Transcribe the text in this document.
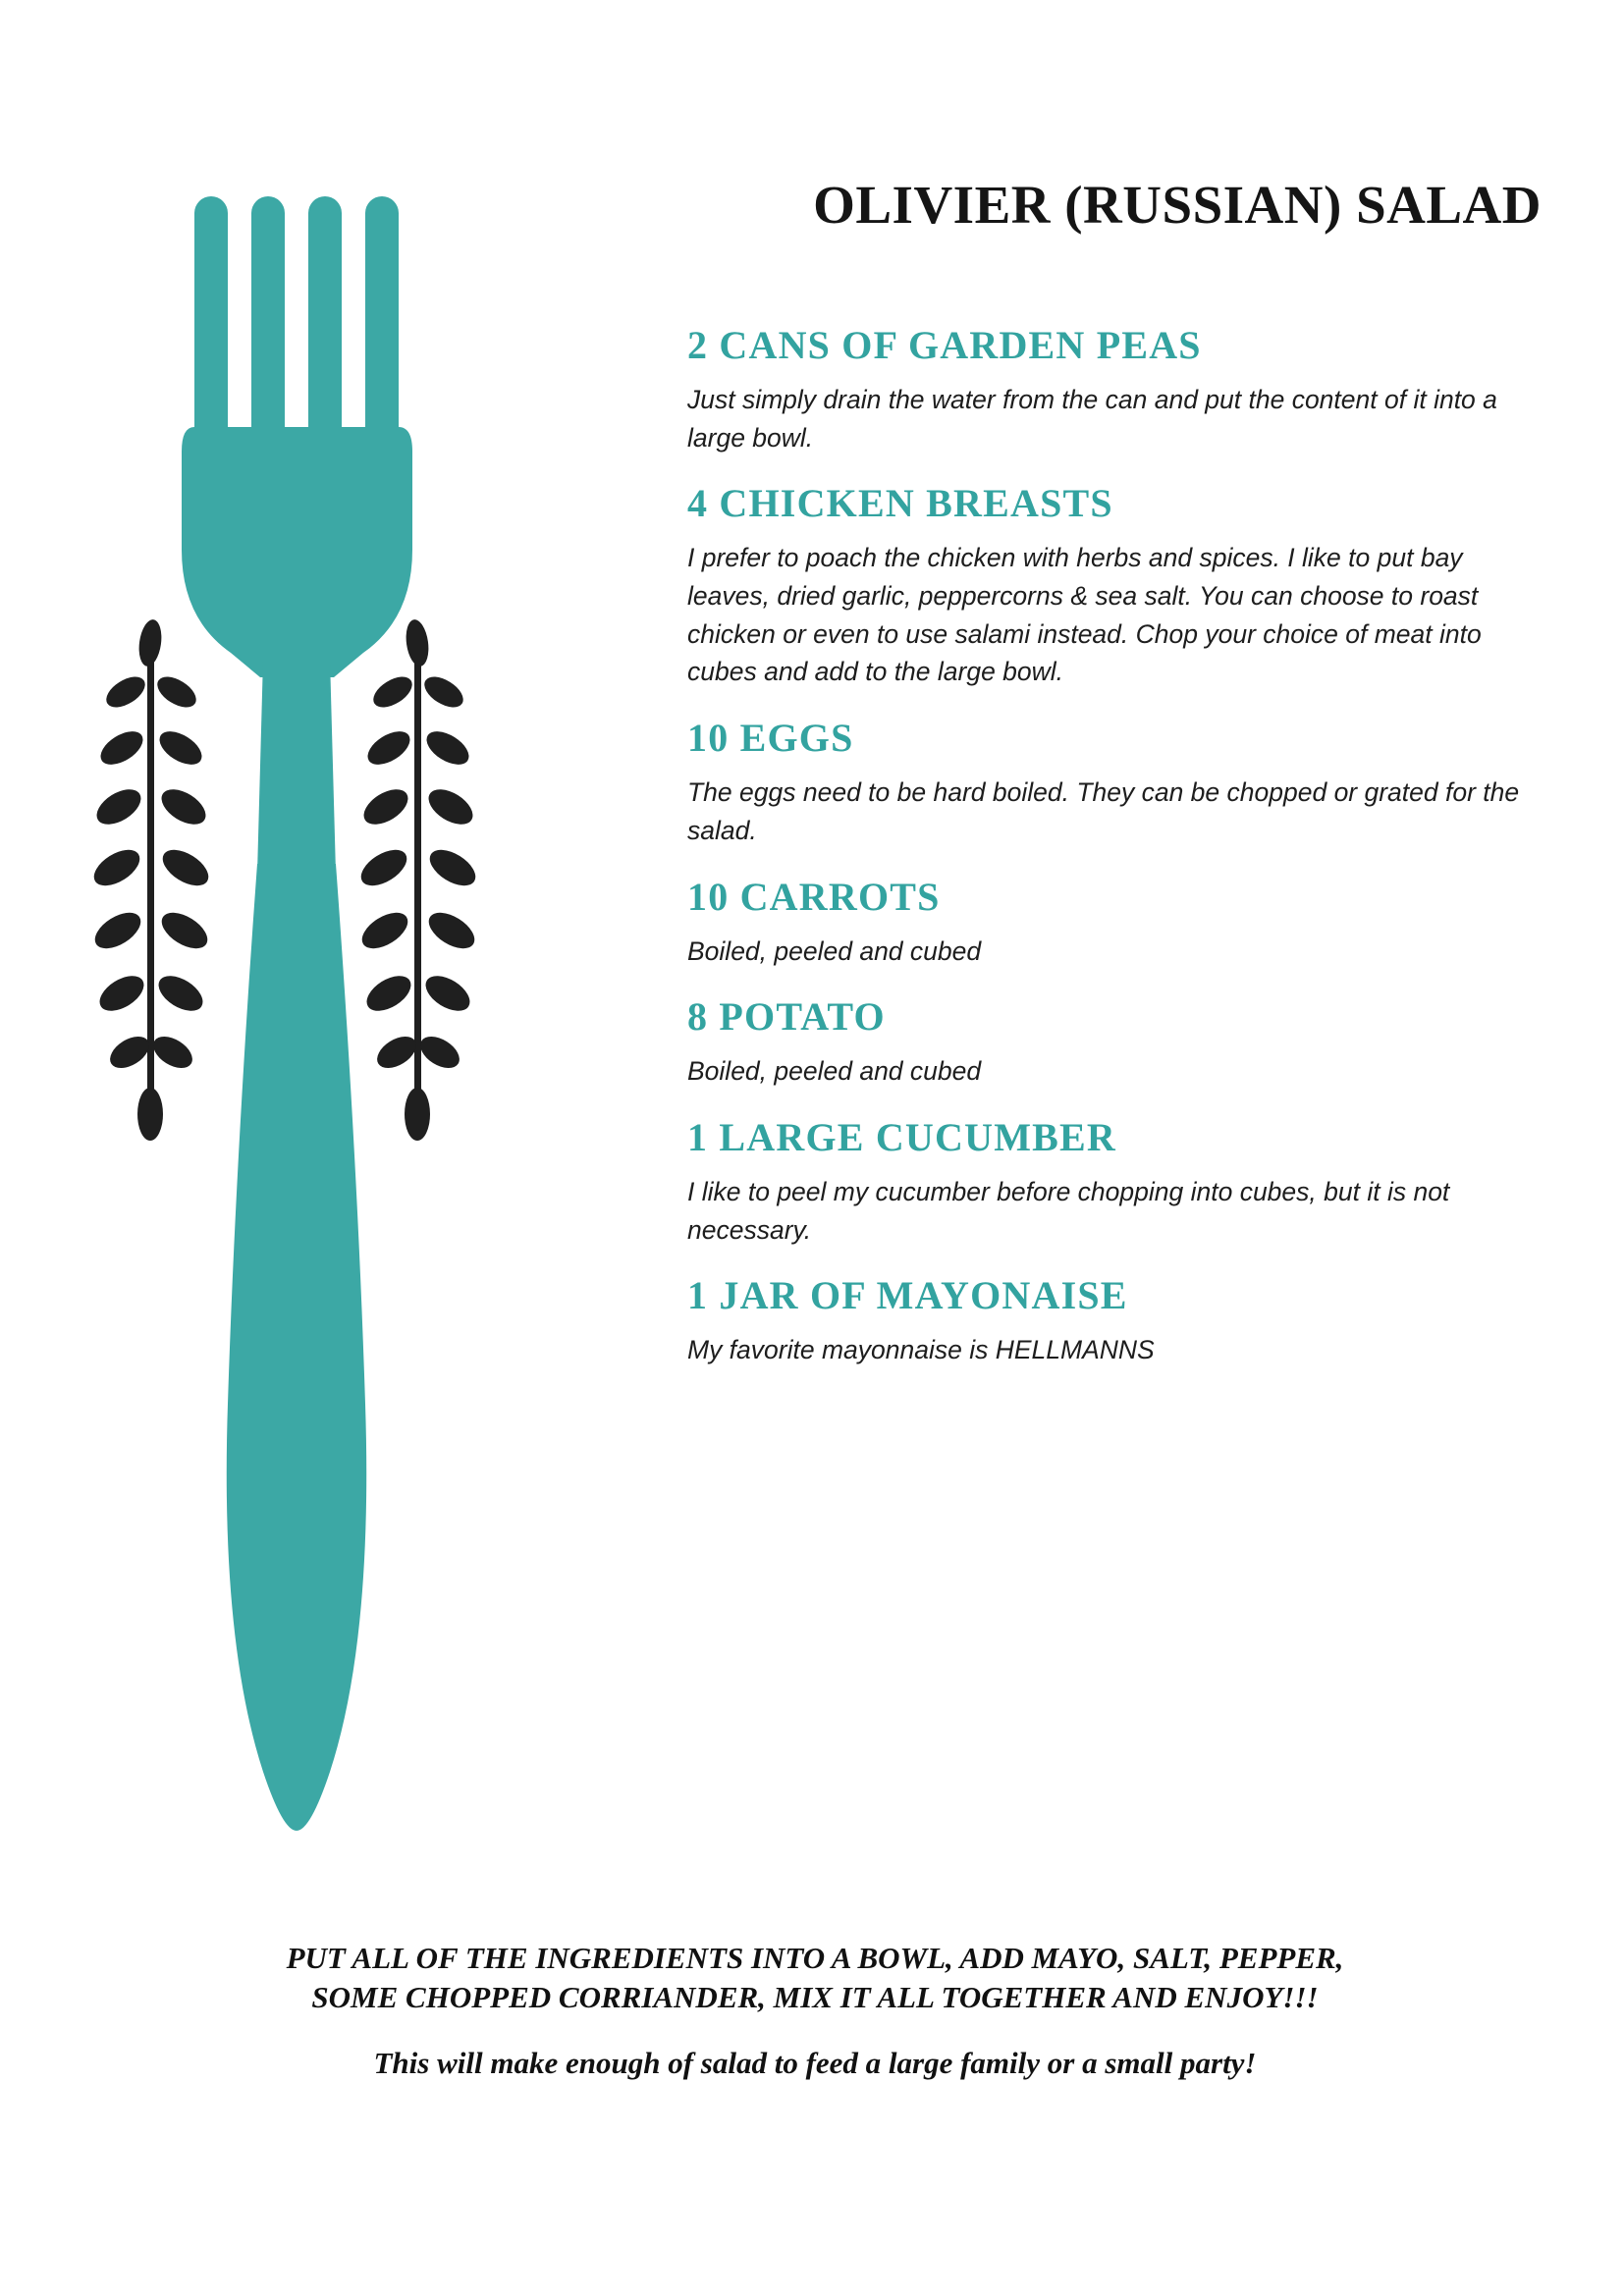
OLIVIER (RUSSIAN) SALAD
2 CANS OF GARDEN PEAS

Just simply drain the water from the can and put the content of it into a large bowl.

4 CHICKEN BREASTS

I prefer to poach the chicken with herbs and spices. I like to put bay leaves, dried garlic, peppercorns & sea salt. You can choose to roast chicken or even to use salami instead. Chop your choice of meat into cubes and add to the large bowl.

10 EGGS

The eggs need to be hard boiled. They can be chopped or grated for the salad.

10 CARROTS

Boiled, peeled and cubed

8 POTATO

Boiled, peeled and cubed

1 LARGE CUCUMBER

I like to peel my cucumber before chopping into cubes, but it is not necessary.

1 JAR OF MAYONAISE

My favorite mayonnaise is HELLMANNS

PUT ALL OF THE INGREDIENTS INTO A BOWL, ADD MAYO, SALT, PEPPER,

SOME CHOPPED CORRIANDER, MIX IT ALL TOGETHER AND ENJOY!!!

This will make enough of salad to feed a large family or a small party!
